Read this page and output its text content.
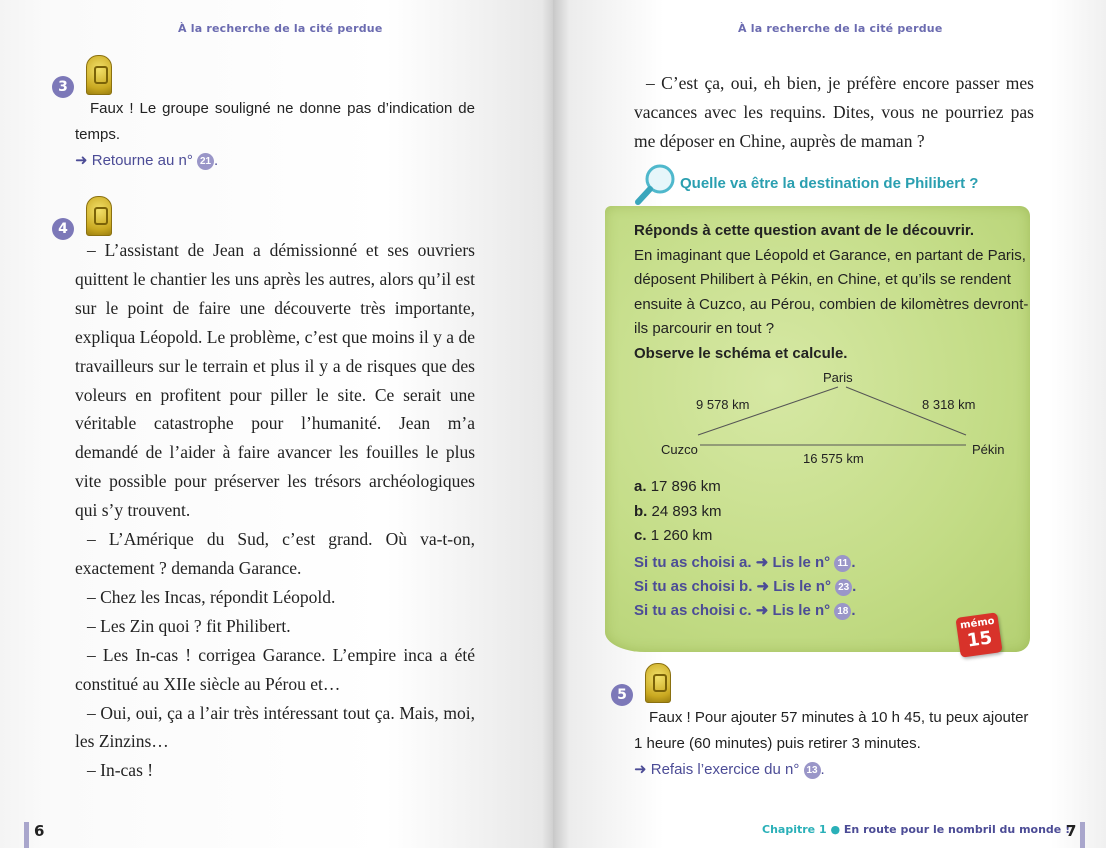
À la recherche de la cité perdue
3
Faux ! Le groupe souligné ne donne pas d’indication de
temps.
➜ Retourne au n° 21 .
4

– L’assistant de Jean a démissionné et ses ouvriers quittent le chantier les uns après les autres, alors qu’il est sur le point de faire une découverte très importante, expliqua Léopold. Le problème, c’est que moins il y a de travailleurs sur le terrain et plus il y a de risques que des voleurs en profitent pour piller le site. Ce serait une véritable catastrophe pour l’humanité. Jean m’a demandé de l’aider à faire avancer les fouilles le plus vite possible pour préserver les trésors archéologiques qui s’y trouvent.

– L’Amérique du Sud, c’est grand. Où va-t-on, exactement ? demanda Garance.

– Chez les Incas, répondit Léopold.

– Les Zin quoi ? fit Philibert.

– Les In-cas ! corrigea Garance. L’empire inca a été constitué au XIIe siècle au Pérou et…

– Oui, oui, ça a l’air très intéressant tout ça. Mais, moi, les Zinzins…

– In-cas !

6
À la recherche de la cité perdue

– C’est ça, oui, eh bien, je préfère encore passer mes vacances avec les requins. Dites, vous ne pourriez pas me déposer en Chine, auprès de maman ?

Quelle va être la destination de Philibert ?
Réponds à cette question avant de le découvrir.
En imaginant que Léopold et Garance, en partant de Paris, déposent Philibert à Pékin, en Chine, et qu’ils se rendent ensuite à Cuzco, au Pérou, combien de kilomètres devront-ils parcourir en tout ?
Observe le schéma et calcule.
Paris
9 578 km	8 318 km
Cuzco	Pékin
16 575 km
a. 17 896 km
b. 24 893 km
c. 1 260 km
Si tu as choisi a. ➜ Lis le n° 11 .
Si tu as choisi b. ➜ Lis le n° 23 .
Si tu as choisi c. ➜ Lis le n° 18 .
mémo
15
5
Faux ! Pour ajouter 57 minutes à 10 h 45, tu peux ajouter
1 heure (60 minutes) puis retirer 3 minutes.
➜ Refais l’exercice du n° 13 .
Chapitre 1 ● En route pour le nombril du monde !
7
